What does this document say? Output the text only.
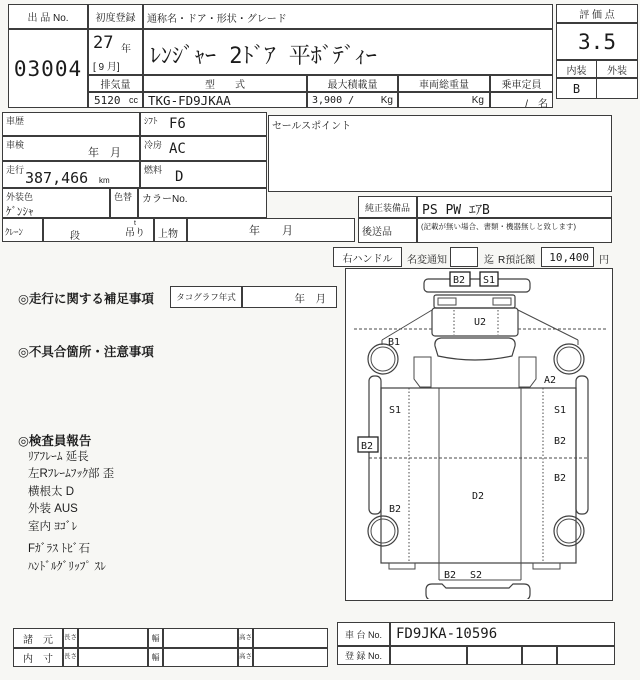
出 品 No.
03004
初度登録
27 年
[ 9 月]
通称名・ドア・形状・グレード
ﾚﾝｼﾞｬｰ 2ﾄﾞｱ 平ﾎﾞﾃﾞｨｰ
排気量
5120 cc
型　　式
TKG-FD9JKAA
最大積載量
3,900 /	Kg
車両総重量
Kg
乗車定員
/　名
評 価 点
3.5
内装	外装
B
車歴	ｼﾌﾄ F6
車検
年　月
冷房 AC
走行 387,466 km
燃料 D
外装色
ｹﾞﾝｼｬ
色替 カラーNo.
ｸﾚｰﾝ	段
t
吊り 上物	年　　月
セールスポイント
純正装備品 PS PW ｴｱB
後送品
(記載が無い場合、書類・機器無しと致します)
右ハンドル	名変通知	迄 R預託額 10,400 円
◎走行に関する補足事項	タコグラフ年式	年　月
◎不具合箇所・注意事項
◎検査員報告
ﾘｱﾌﾚｰﾑ 延長
左Rﾌﾚｰﾑﾌｯｸ部 歪
横根太 D
外装 AUS
室内 ﾖｺﾞﾚ
Fｶﾞﾗｽ ﾄﾋﾞ石
ﾊﾝﾄﾞﾙｸﾞﾘｯﾌﾟ ｽﾚ
B2 S1
B2
U2
B1
A2
S1	S1
B2
B2
D2
B2
B2 S2
諸　元	長さ	幅	高さ
内　寸	長さ	幅	高さ
車 台 No.	FD9JKA-10596
登 録 No.
